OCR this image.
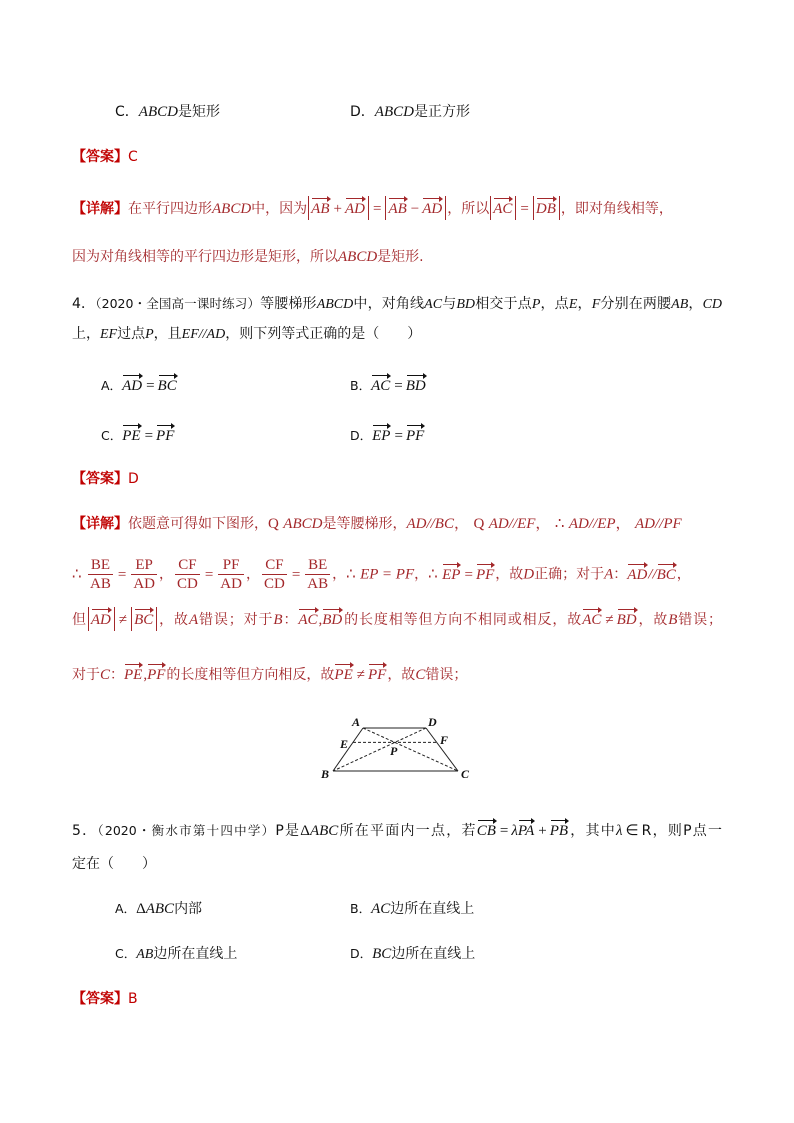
C．ABCD是矩形	D．ABCD是正方形
【答案】C
【详解】在平行四边形ABCD中，因为 AB + AD = AB − AD ，所以 AC = DB ，即对角线相等，
因为对角线相等的平行四边形是矩形，所以ABCD是矩形.
4．（2020・全国高一课时练习）等腰梯形ABCD中，对角线AC与BD相交于点P，点E，F分别在两腰AB，CD
上，EF过点P，且EF//AD，则下列等式正确的是（　　）
A．AD = BC	B．AC = BD
C．PE = PF	D．EP = PF
【答案】D
【详解】依题意可得如下图形，Q ABCD是等腰梯形，AD//BC， Q AD//EF， ∴ AD//EP， AD//PF
∴ $\frac{BE}{AB} = \frac{EP}{AD}$ ， $\frac{CF}{CD} = \frac{PF}{AD}$ ， $\frac{CF}{CD} = \frac{BE}{AB}$ ，∴ EP = PF，∴ EP = PF，故D正确；对于A：AD//BC，
但 AD ≠ BC ，故A错误；对于B：AC,BD的长度相等但方向不相同或相反，故AC ≠ BD，故B错误；
对于C：PE,PF的长度相等但方向相反，故PE ≠ PF，故C错误；
A	D
E	F
P
B	C
5．（2020・衡水市第十四中学）P是ΔABC所在平面内一点，若CB = λPA + PB，其中λ ∈ R，则P点一
定在（　　）
A．ΔABC内部	B．AC边所在直线上
C．AB边所在直线上	D．BC边所在直线上
【答案】B
